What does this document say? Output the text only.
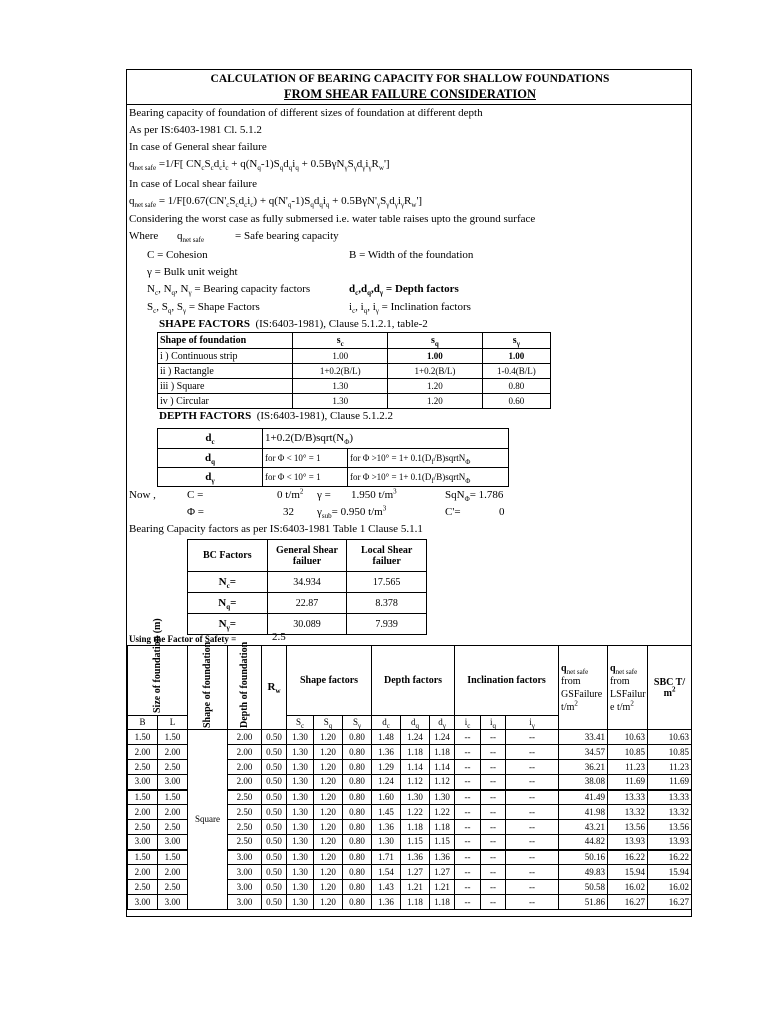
CALCULATION OF BEARING CAPACITY FOR SHALLOW FOUNDATIONS
FROM SHEAR FAILURE CONSIDERATION
Bearing capacity of foundation of different sizes of foundation at different depth
As per IS:6403-1981 Cl. 5.1.2
In case of General shear failure
$q_{net safe} =1/F$[ $CN_cS_cd_ci_c + q(N_q-1)S_qd_qi_q + 0.5B\gamma N_\gamma S_\gamma d_\gamma i_\gamma R_w'$]
In case of Local shear failure
$q_{net safe} = 1/F[0.67(CN'_cS_cd_ci_c) + q(N'_q-1)S_qd_qi_q + 0.5B\gamma N'_\gamma S_\gamma d_\gamma i_\gamma R_w']$
Considering the worst case as fully submersed i.e. water table raises upto the ground surface
Where $q_{net safe}$	= Safe bearing capacity
C = Cohesion	B = Width of the foundation
γ = Bulk unit weight
$N_c$, $N_q$, $N_\gamma$ = Bearing capacity factors	$d_c,d_q,d_\gamma$ = Depth factors
$S_c$, $S_q$, $S_\gamma$ = Shape Factors	$i_c$, $i_q$, $i_\gamma$ = Inclination factors
SHAPE FACTORS (IS:6403-1981), Clause 5.1.2.1, table-2
Shape of foundation	$s_c$	$s_q$	$s_\gamma$
i ) Continuous strip	1.00	1.00	1.00
ii ) Ractangle	1+0.2(B/L)	1+0.2(B/L)	1-0.4(B/L)
iii ) Square	1.30	1.20	0.80
iv ) Circular	1.30	1.20	0.60
DEPTH FACTORS (IS:6403-1981), Clause 5.1.2.2
$d_c$	$1+0.2(D/B)sqrt(N_\Phi)$	
$d_q$	for Φ < 10° = 1	for $\Phi >10^\circ = 1+ 0.1(D_f/B)sqrtN_\Phi$
$d_\gamma$	for Φ < 10° = 1	for $\Phi >10^\circ = 1+ 0.1(D_f/B)sqrtN_\Phi$
Now ,	C =	0 $t/m^2$ γ = 1.950 $t/m^3$	SqN$_\Phi$= 1.786
Φ =	32 $\gamma_{sub}= 0.950$ $t/m^3$	C'=	0
Bearing Capacity factors as per IS:6403-1981 Table 1 Clause 5.1.1
BC Factors	General Shear failuer	Local Shear failuer
$N_c=$	34.934	17.565
$N_q=$	22.87	8.378
$N_\gamma=$	30.089	7.939
Using the Factor of Safety =	2.5
Size of foundation (m)		Shape of foundation	Depth of foundation	$R_w$	Shape factors			Depth factors			Inclination factors			$q_{net safe}$ from GSFailure $t/m^2$	$q_{net safe}$ from LSFailur e $t/m^2$	SBC T/ $m^2$
B	L				$S_c$	$S_q$	$S_\gamma$	$d_c$	$d_q$	$d_\gamma$	$i_c$	$i_q$	$i_\gamma$
1.50	1.50	Square	2.00	0.50	1.30	1.20	0.80	1.48	1.24	1.24	--	--	--	33.41	10.63	10.63
2.00	2.00		2.00	0.50	1.30	1.20	0.80	1.36	1.18	1.18	--	--	--	34.57	10.85	10.85
2.50	2.50		2.00	0.50	1.30	1.20	0.80	1.29	1.14	1.14	--	--	--	36.21	11.23	11.23
3.00	3.00		2.00	0.50	1.30	1.20	0.80	1.24	1.12	1.12	--	--	--	38.08	11.69	11.69
1.50	1.50		2.50	0.50	1.30	1.20	0.80	1.60	1.30	1.30	--	--	--	41.49	13.33	13.33
2.00	2.00		2.50	0.50	1.30	1.20	0.80	1.45	1.22	1.22	--	--	--	41.98	13.32	13.32
2.50	2.50		2.50	0.50	1.30	1.20	0.80	1.36	1.18	1.18	--	--	--	43.21	13.56	13.56
3.00	3.00		2.50	0.50	1.30	1.20	0.80	1.30	1.15	1.15	--	--	--	44.82	13.93	13.93
1.50	1.50		3.00	0.50	1.30	1.20	0.80	1.71	1.36	1.36	--	--	--	50.16	16.22	16.22
2.00	2.00		3.00	0.50	1.30	1.20	0.80	1.54	1.27	1.27	--	--	--	49.83	15.94	15.94
2.50	2.50		3.00	0.50	1.30	1.20	0.80	1.43	1.21	1.21	--	--	--	50.58	16.02	16.02
3.00	3.00		3.00	0.50	1.30	1.20	0.80	1.36	1.18	1.18	--	--	--	51.86	16.27	16.27
